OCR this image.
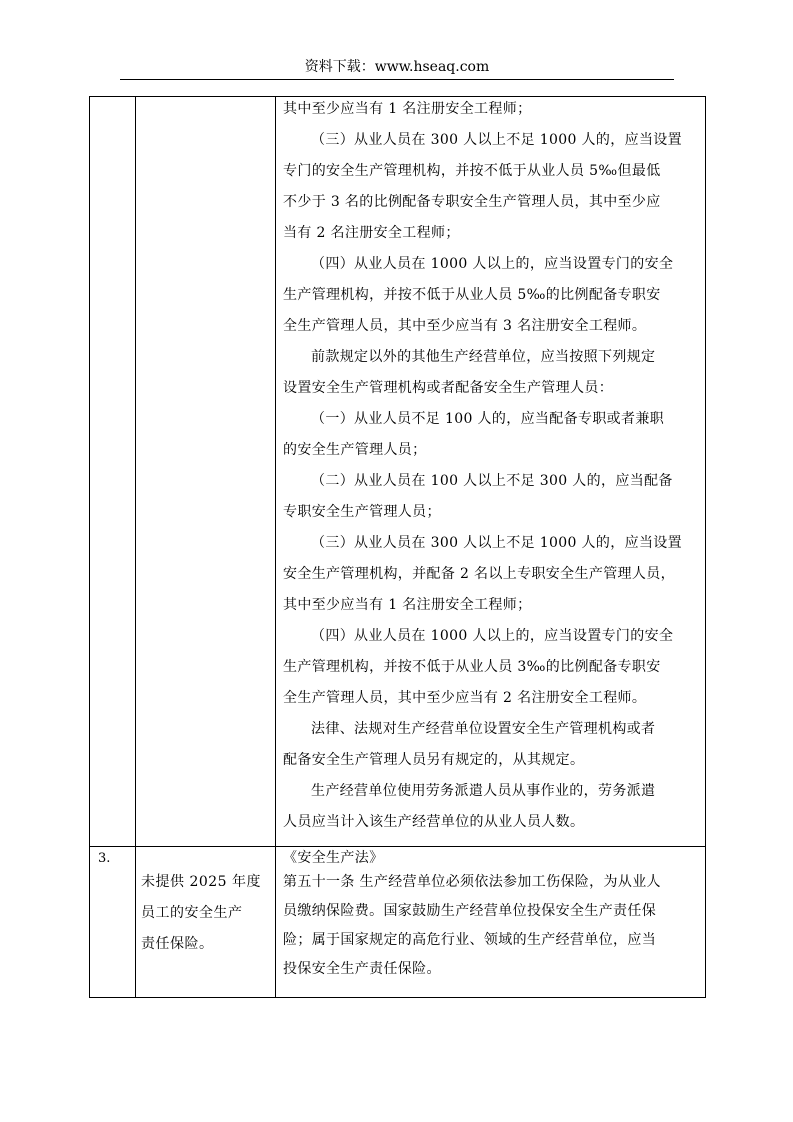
资料下载：www.hseaq.com
其中至少应当有 1 名注册安全工程师；
（三）从业人员在 300 人以上不足 1000 人的，应当设置
专门的安全生产管理机构，并按不低于从业人员 5‰但最低
不少于 3 名的比例配备专职安全生产管理人员，其中至少应
当有 2 名注册安全工程师；
（四）从业人员在 1000 人以上的，应当设置专门的安全
生产管理机构，并按不低于从业人员 5‰的比例配备专职安
全生产管理人员，其中至少应当有 3 名注册安全工程师。
前款规定以外的其他生产经营单位，应当按照下列规定
设置安全生产管理机构或者配备安全生产管理人员：
（一）从业人员不足 100 人的，应当配备专职或者兼职
的安全生产管理人员；
（二）从业人员在 100 人以上不足 300 人的，应当配备
专职安全生产管理人员；
（三）从业人员在 300 人以上不足 1000 人的，应当设置
安全生产管理机构，并配备 2 名以上专职安全生产管理人员，
其中至少应当有 1 名注册安全工程师；
（四）从业人员在 1000 人以上的，应当设置专门的安全
生产管理机构，并按不低于从业人员 3‰的比例配备专职安
全生产管理人员，其中至少应当有 2 名注册安全工程师。
法律、法规对生产经营单位设置安全生产管理机构或者
配备安全生产管理人员另有规定的，从其规定。
生产经营单位使用劳务派遣人员从事作业的，劳务派遣
人员应当计入该生产经营单位的从业人员人数。
3.
未提供 2025 年度
员工的安全生产
责任保险。
《安全生产法》
第五十一条 生产经营单位必须依法参加工伤保险，为从业人
员缴纳保险费。国家鼓励生产经营单位投保安全生产责任保
险；属于国家规定的高危行业、领域的生产经营单位，应当
投保安全生产责任保险。
